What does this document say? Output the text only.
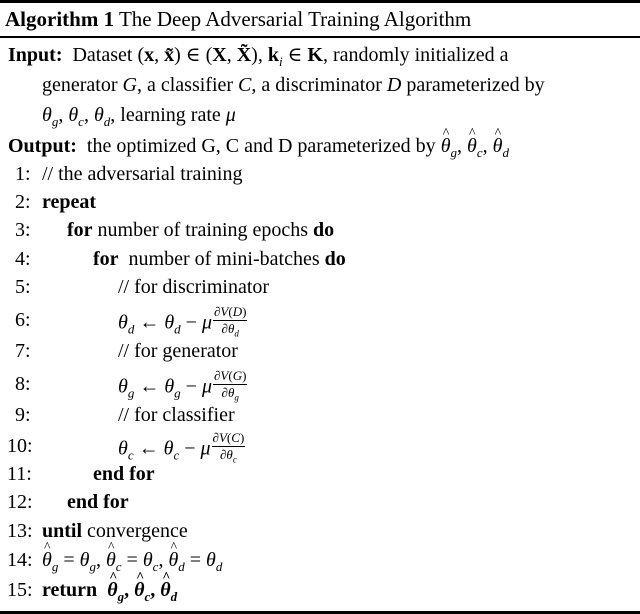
Algorithm 1 The Deep Adversarial Training Algorithm
Input:  Dataset (x, x̃) ∈ (X, X̃), $k_i$ ∈ K, randomly initialized a
generator G, a classifier C, a discriminator D parameterized by
$\theta_g$, $\theta_c$, $\theta_d$, learning rate μ
Output:  the optimized G, C and D parameterized by ^ $\theta_g$, ^ $\theta_c$, ^ $\theta_d$
1: // the adversarial training
2: repeat
3: for number of training epochs do
4:	for number of mini-batches do
5:	// for discriminator
6:	$\theta_d$ ← $\theta_d - \mu \frac{\partial V(D)}{\partial\theta_d}$
7:	// for generator
8:	$\theta_g$ ← $\theta_g - \mu \frac{\partial V(G)}{\partial\theta_g}$
9:	// for classifier
10:	$\theta_c$ ← $\theta_c - \mu \frac{\partial V(C)}{\partial\theta_c}$
11:	end for
12: end for
13: until convergence
14: ^ $\theta_g = \theta_g$, ^ $\theta_c = \theta_c$, ^ $\theta_d = \theta_d$
15: return ^ $\theta_g$, ^ $\theta_c$, ^ $\theta_d$
